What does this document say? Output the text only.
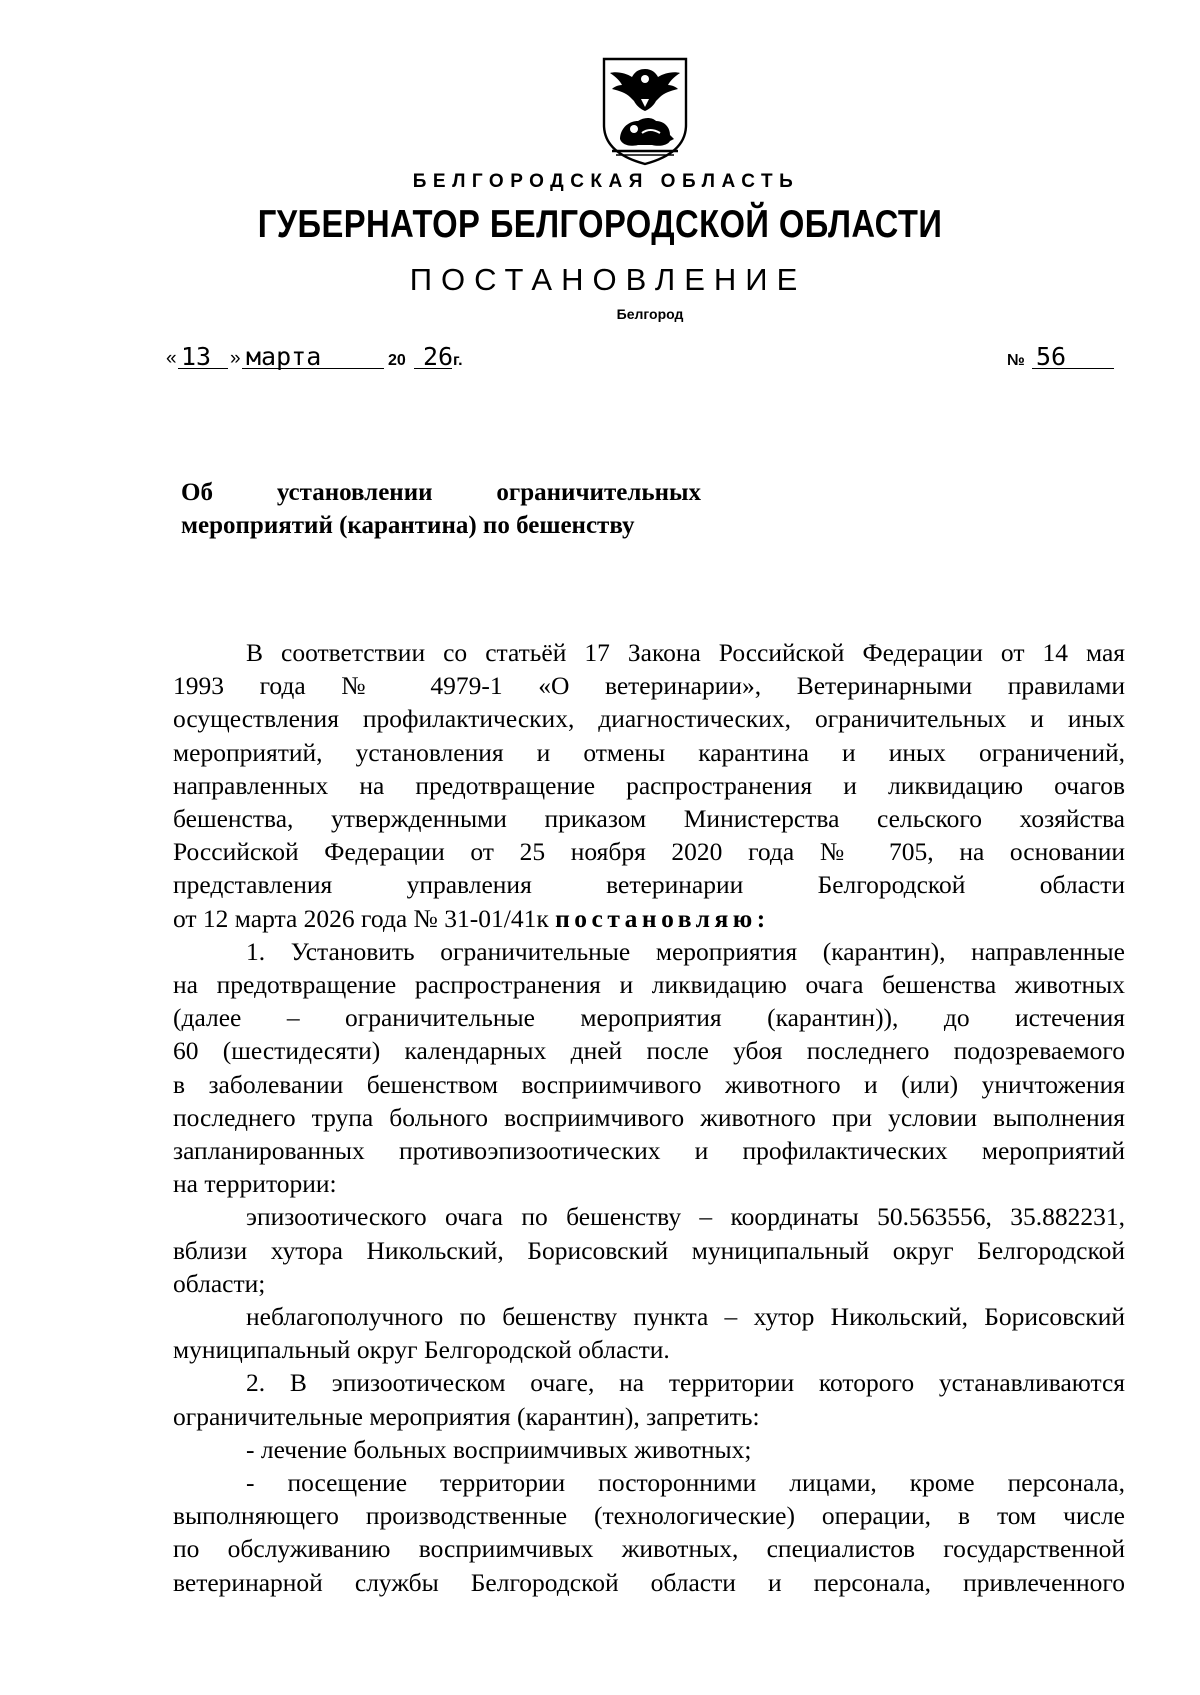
БЕЛГОРОДСКАЯ ОБЛАСТЬ
ГУБЕРНАТОР БЕЛГОРОДСКОЙ ОБЛАСТИ
ПОСТАНОВЛЕНИЕ
Белгород
« 13 » марта	20 26 г.	№ 56
Об установлении ограничительных
мероприятий (карантина) по бешенству
В соответствии со статьёй 17 Закона Российской Федерации от 14 мая
1993 года № 4979-1 «О ветеринарии», Ветеринарными правилами
осуществления профилактических, диагностических, ограничительных и иных
мероприятий, установления и отмены карантина и иных ограничений,
направленных на предотвращение распространения и ликвидацию очагов
бешенства, утвержденными приказом Министерства сельского хозяйства
Российской Федерации от 25 ноября 2020 года № 705, на основании
представления управления ветеринарии Белгородской области
от 12 марта 2026 года № 31-01/41к постановляю:
1. Установить ограничительные мероприятия (карантин), направленные
на предотвращение распространения и ликвидацию очага бешенства животных
(далее – ограничительные мероприятия (карантин)), до истечения
60 (шестидесяти) календарных дней после убоя последнего подозреваемого
в заболевании бешенством восприимчивого животного и (или) уничтожения
последнего трупа больного восприимчивого животного при условии выполнения
запланированных противоэпизоотических и профилактических мероприятий
на территории:
эпизоотического очага по бешенству – координаты 50.563556, 35.882231,
вблизи хутора Никольский, Борисовский муниципальный округ Белгородской
области;
неблагополучного по бешенству пункта – хутор Никольский, Борисовский
муниципальный округ Белгородской области.
2. В эпизоотическом очаге, на территории которого устанавливаются
ограничительные мероприятия (карантин), запретить:
- лечение больных восприимчивых животных;
- посещение территории посторонними лицами, кроме персонала,
выполняющего производственные (технологические) операции, в том числе
по обслуживанию восприимчивых животных, специалистов государственной
ветеринарной службы Белгородской области и персонала, привлеченного
